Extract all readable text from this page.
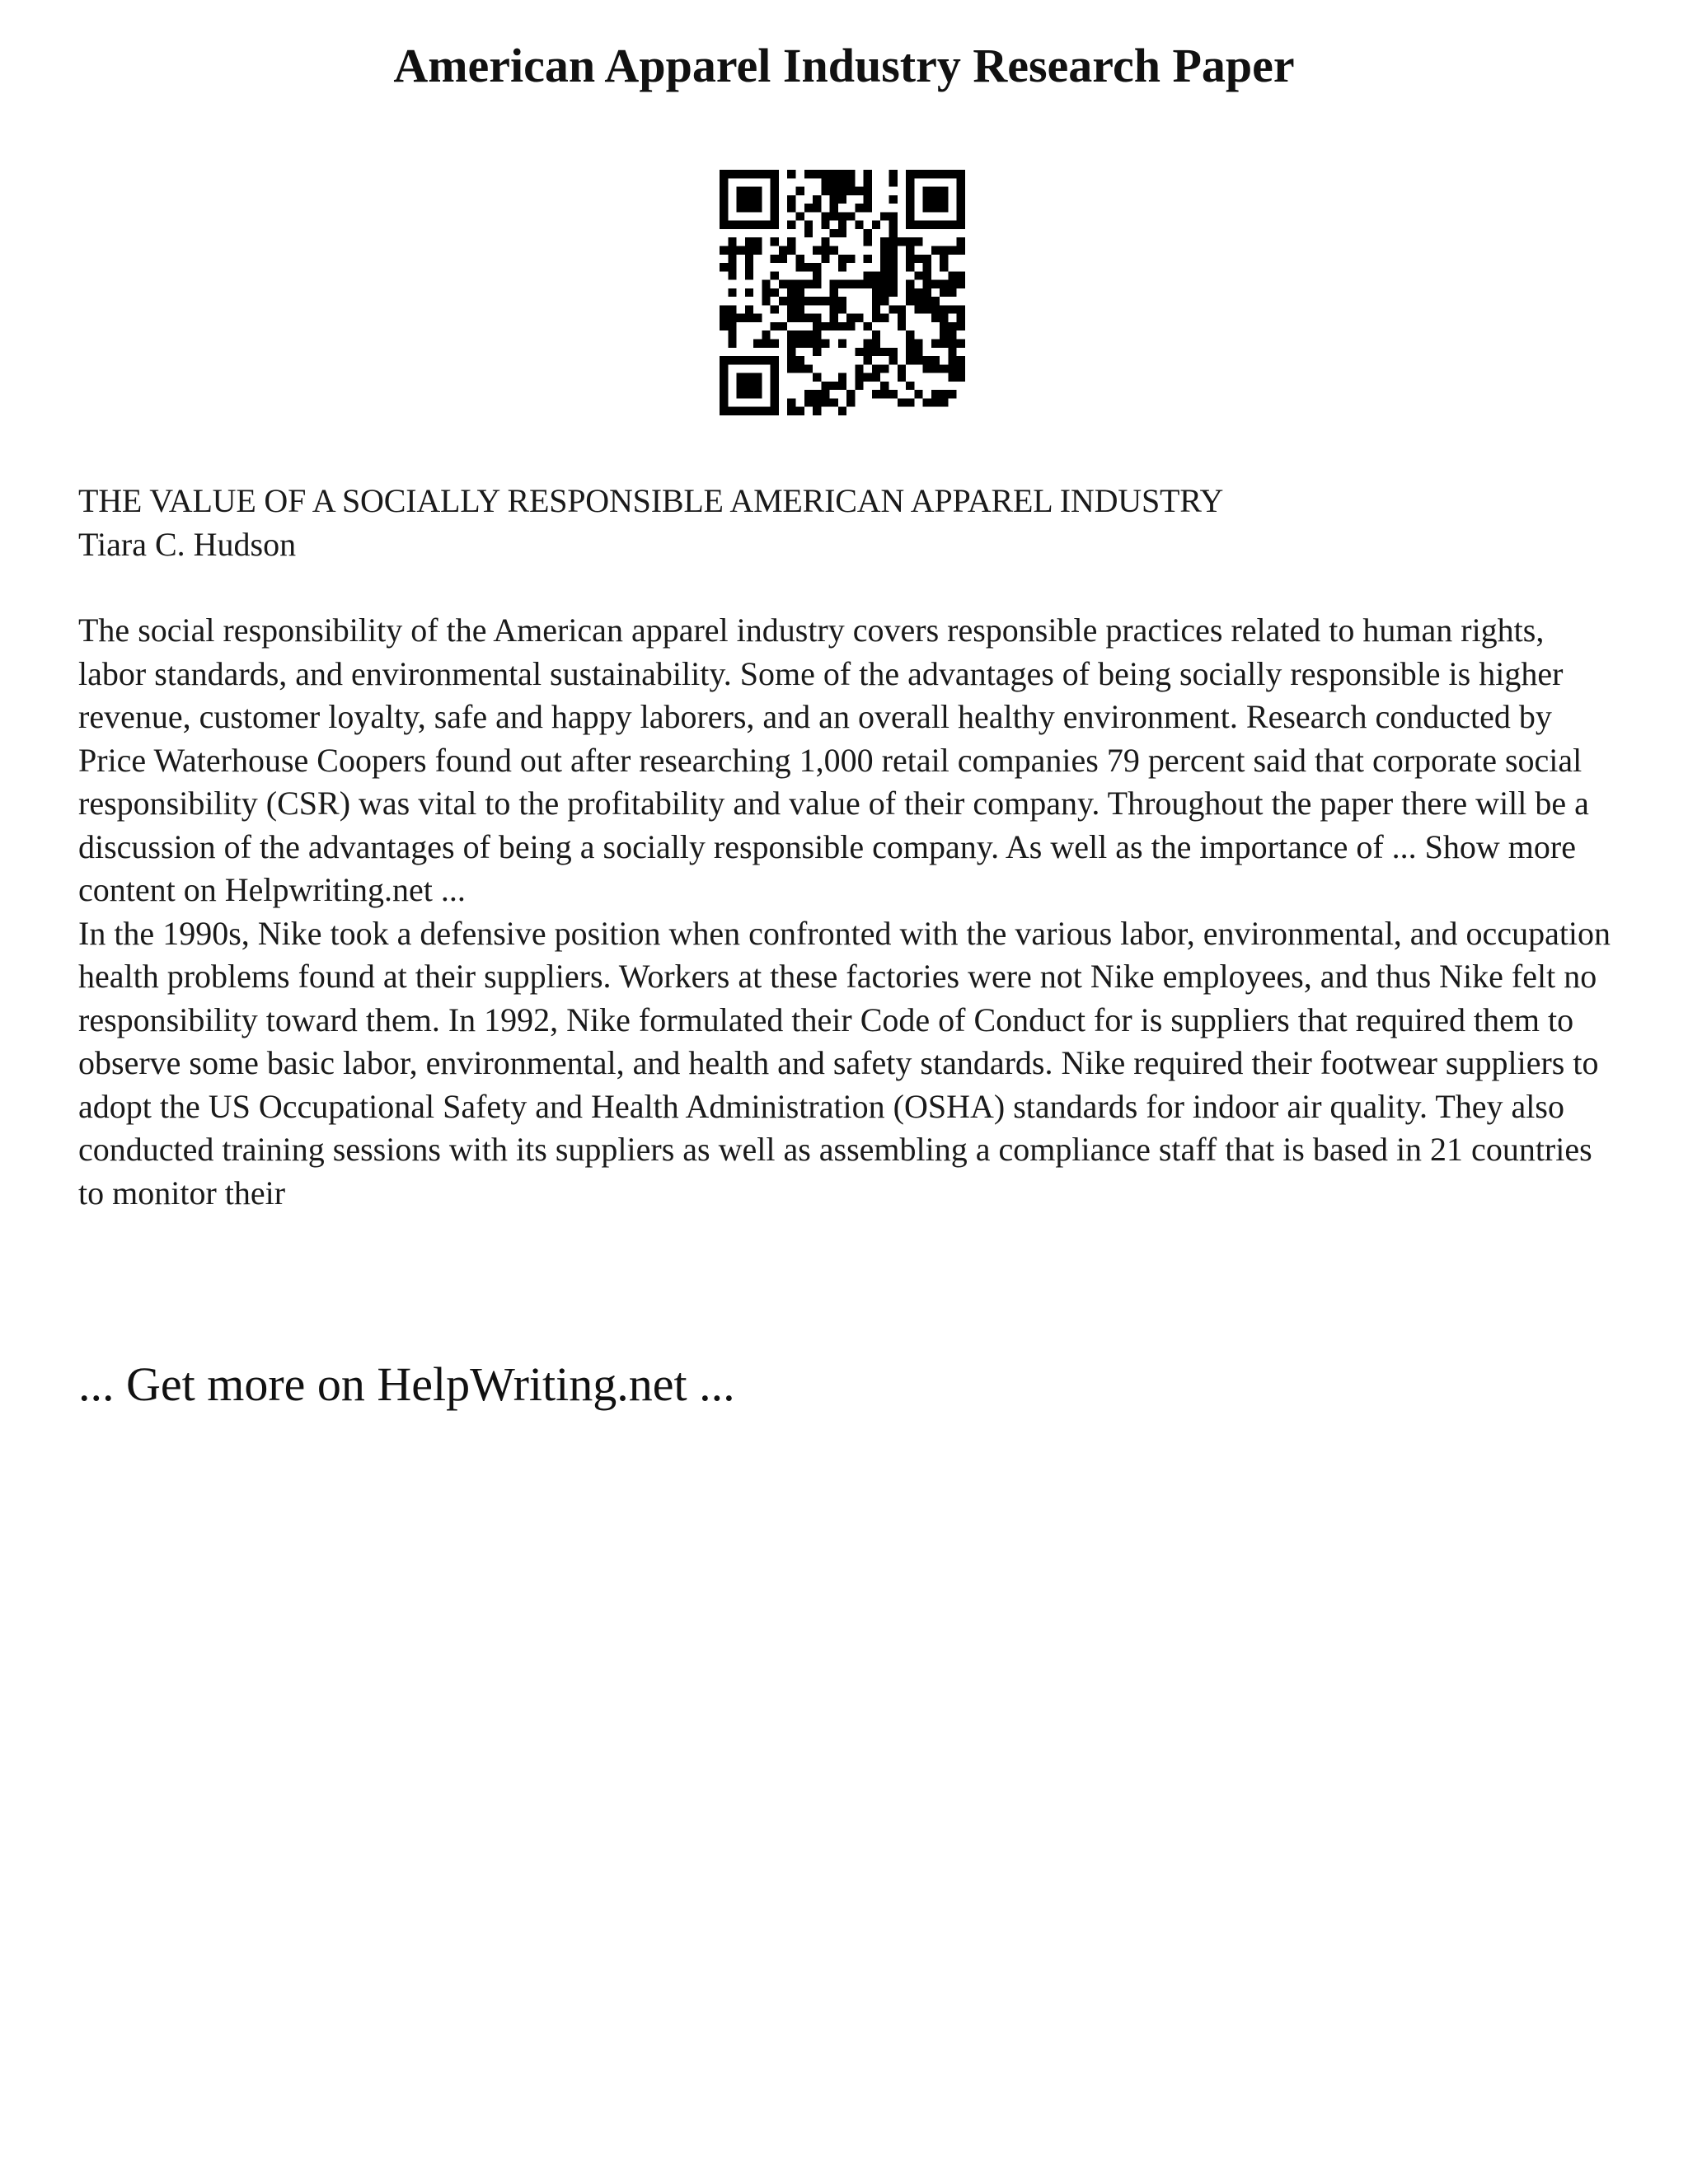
American Apparel Industry Research Paper

THE VALUE OF A SOCIALLY RESPONSIBLE AMERICAN APPAREL INDUSTRY

Tiara C. Hudson

The social responsibility of the American apparel industry covers responsible practices related to human rights, labor standards, and environmental sustainability. Some of the advantages of being socially responsible is higher revenue, customer loyalty, safe and happy laborers, and an overall healthy environment. Research conducted by Price Waterhouse Coopers found out after researching 1,000 retail companies 79 percent said that corporate social responsibility (CSR) was vital to the profitability and value of their company. Throughout the paper there will be a discussion of the advantages of being a socially responsible company. As well as the importance of ... Show more content on Helpwriting.net ...

In the 1990s, Nike took a defensive position when confronted with the various labor, environmental, and occupation health problems found at their suppliers. Workers at these factories were not Nike employees, and thus Nike felt no responsibility toward them. In 1992, Nike formulated their Code of Conduct for is suppliers that required them to observe some basic labor, environmental, and health and safety standards. Nike required their footwear suppliers to adopt the US Occupational Safety and Health Administration (OSHA) standards for indoor air quality. They also conducted training sessions with its suppliers as well as assembling a compliance staff that is based in 21 countries to monitor their

... Get more on HelpWriting.net ...
